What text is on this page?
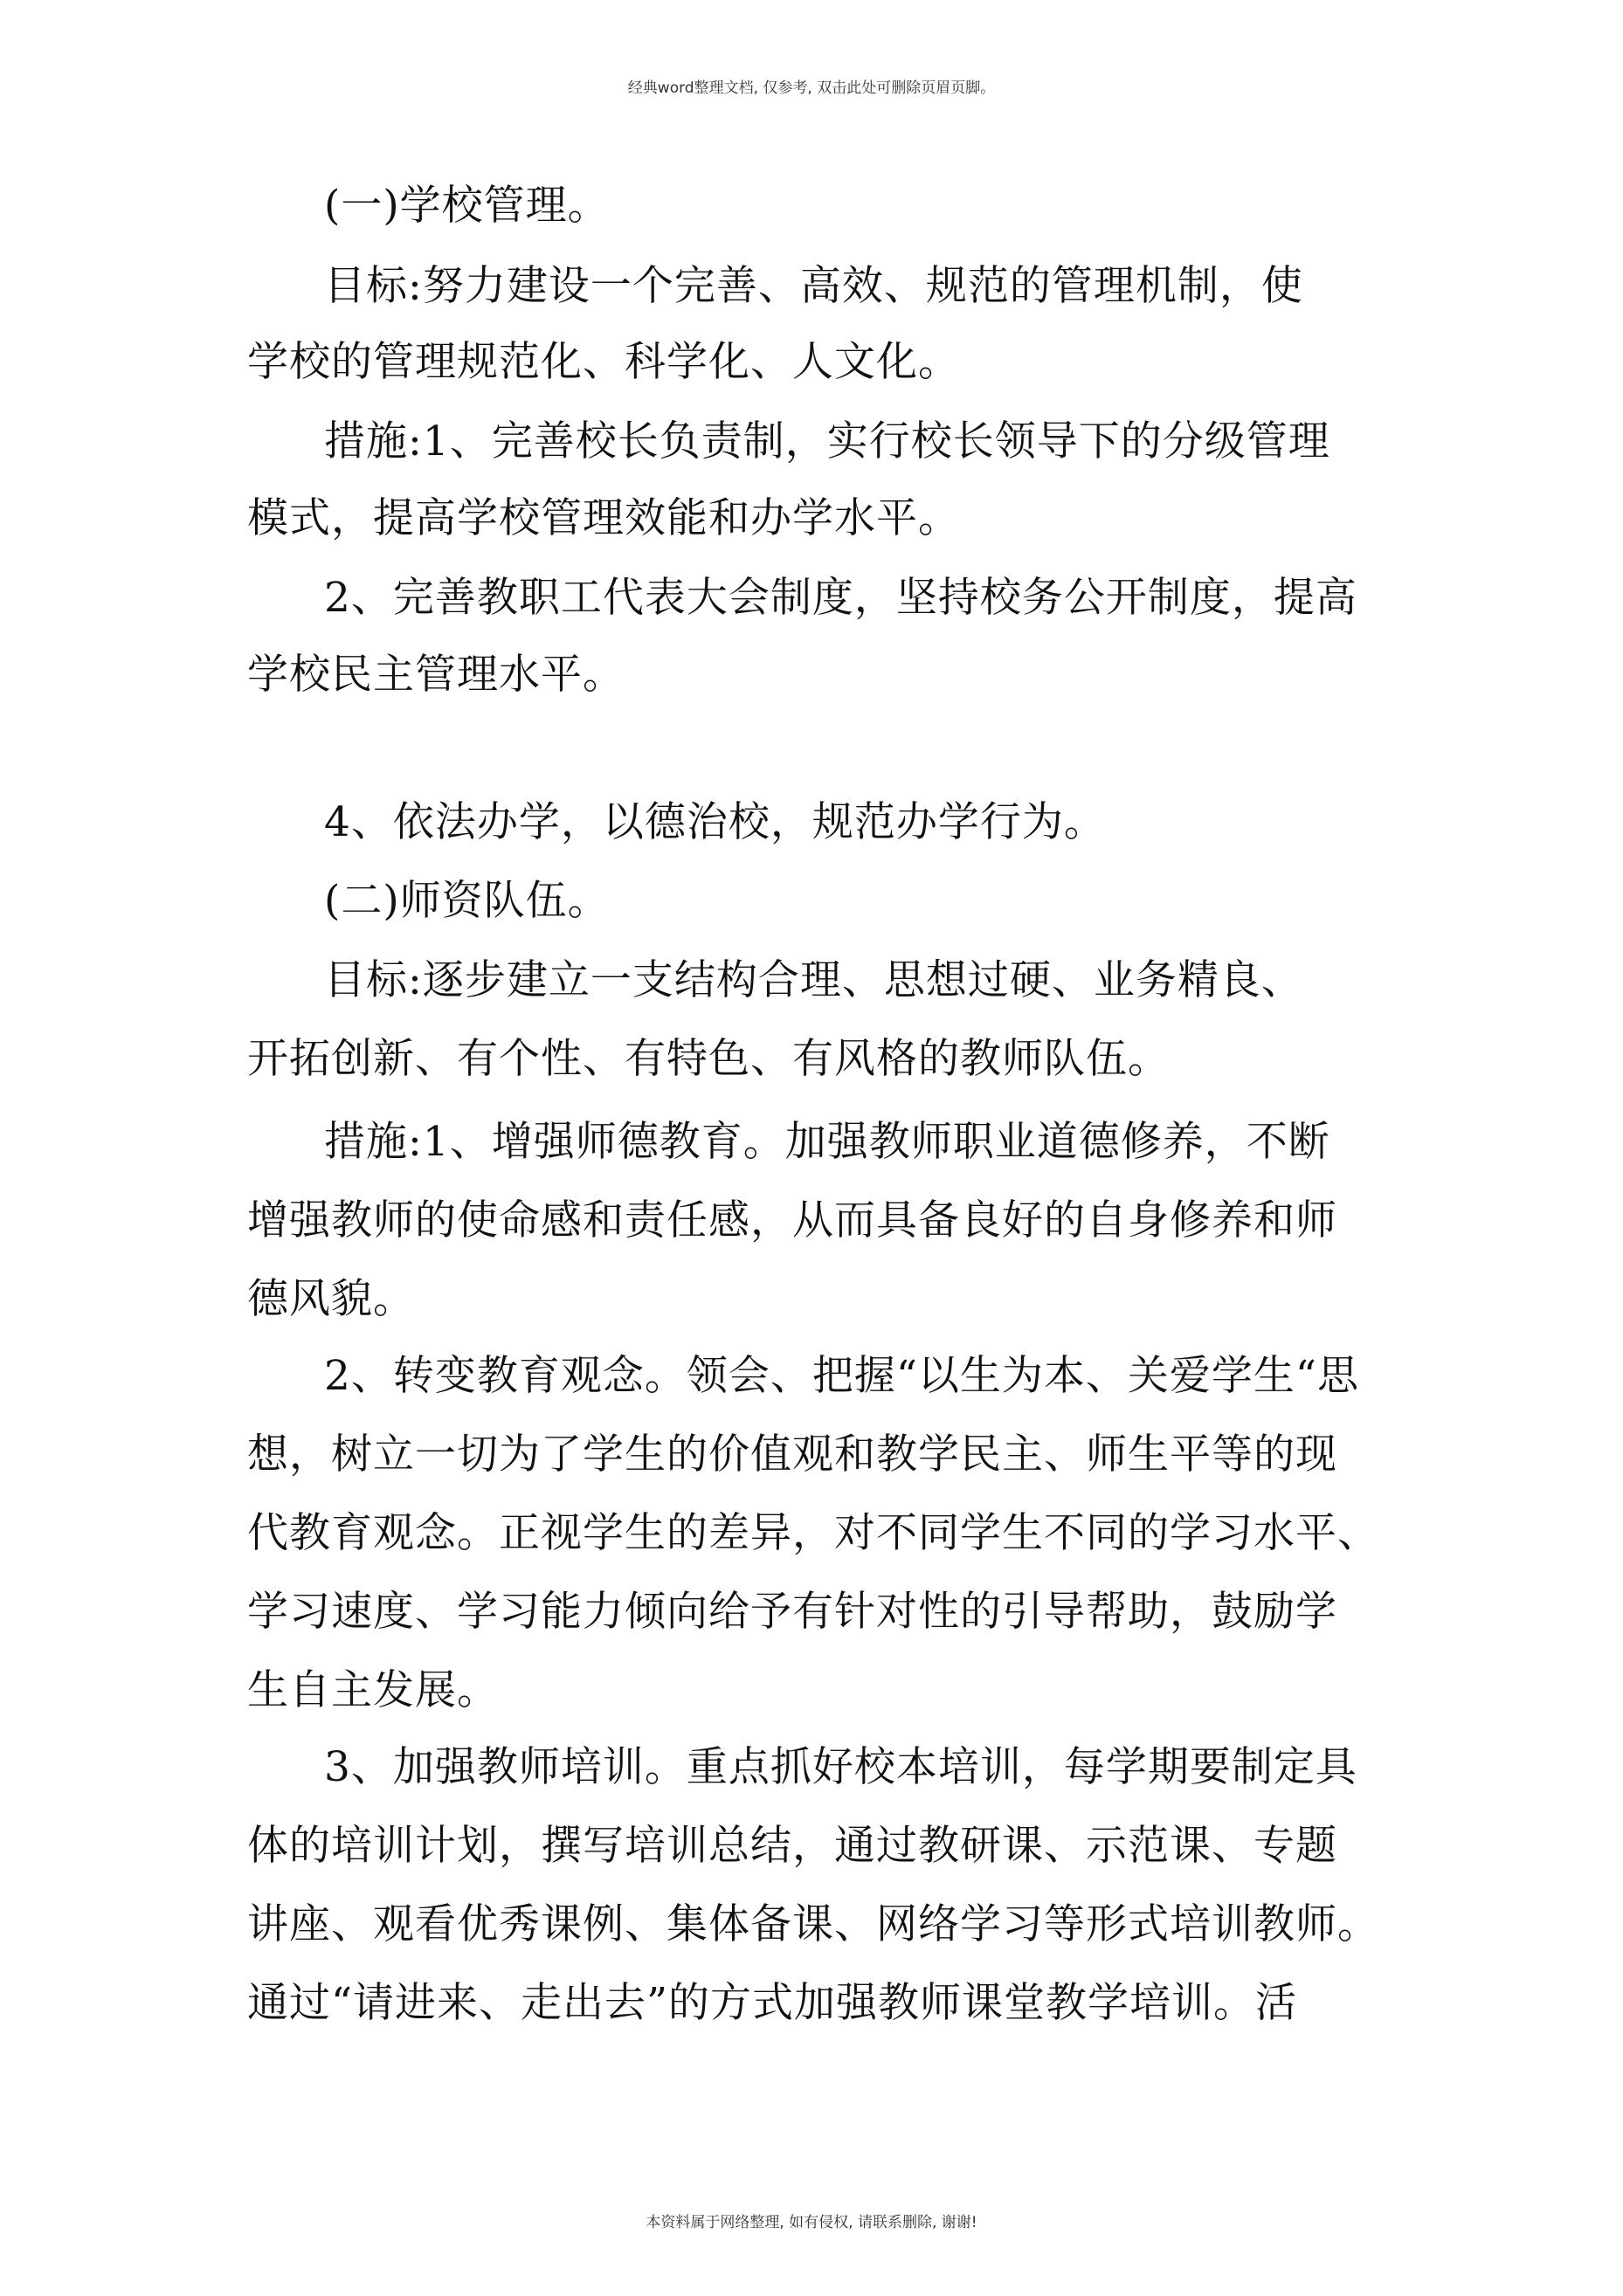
经典word整理文档, 仅参考, 双击此处可删除页眉页脚。
(一)学校管理。
目标:努力建设一个完善、高效、规范的管理机制，使
学校的管理规范化、科学化、人文化。
措施:1、完善校长负责制，实行校长领导下的分级管理
模式，提高学校管理效能和办学水平。
2、完善教职工代表大会制度，坚持校务公开制度，提高
学校民主管理水平。
4、依法办学，以德治校，规范办学行为。
(二)师资队伍。
目标:逐步建立一支结构合理、思想过硬、业务精良、
开拓创新、有个性、有特色、有风格的教师队伍。
措施:1、增强师德教育。加强教师职业道德修养，不断
增强教师的使命感和责任感，从而具备良好的自身修养和师
德风貌。
2、转变教育观念。领会、把握“以生为本、关爱学生“思
想，树立一切为了学生的价值观和教学民主、师生平等的现
代教育观念。正视学生的差异，对不同学生不同的学习水平、
学习速度、学习能力倾向给予有针对性的引导帮助，鼓励学
生自主发展。
3、加强教师培训。重点抓好校本培训，每学期要制定具
体的培训计划，撰写培训总结，通过教研课、示范课、专题
讲座、观看优秀课例、集体备课、网络学习等形式培训教师。
通过“请进来、走出去”的方式加强教师课堂教学培训。活
本资料属于网络整理, 如有侵权, 请联系删除, 谢谢!
